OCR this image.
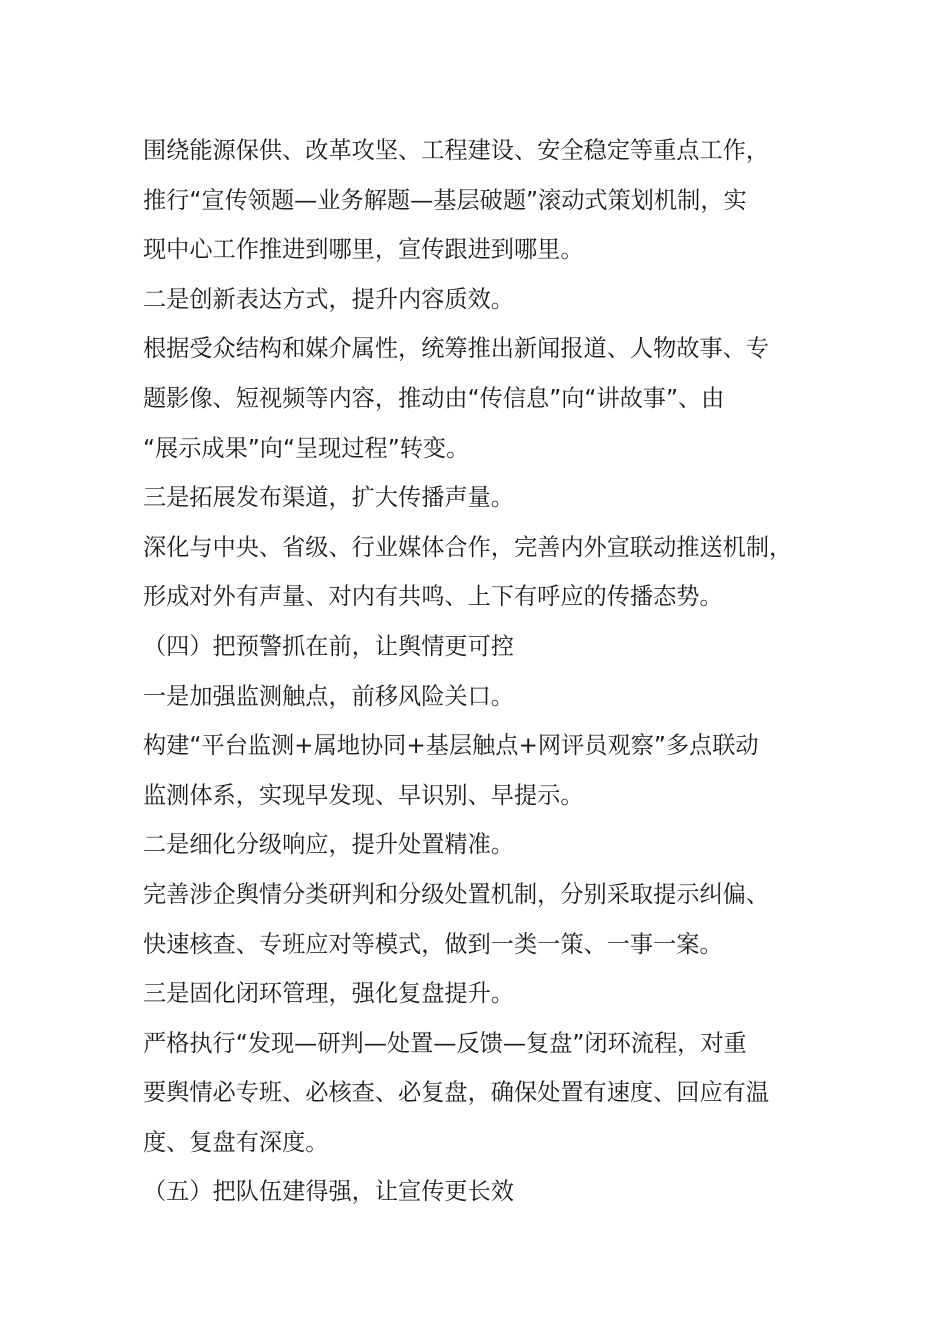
围绕能源保供、改革攻坚、工程建设、安全稳定等重点工作，
推行“宣传领题—业务解题—基层破题”滚动式策划机制，实
现中心工作推进到哪里，宣传跟进到哪里。
二是创新表达方式，提升内容质效。
根据受众结构和媒介属性，统筹推出新闻报道、人物故事、专
题影像、短视频等内容，推动由“传信息”向“讲故事”、由
“展示成果”向“呈现过程”转变。
三是拓展发布渠道，扩大传播声量。
深化与中央、省级、行业媒体合作，完善内外宣联动推送机制，
形成对外有声量、对内有共鸣、上下有呼应的传播态势。
（四）把预警抓在前，让舆情更可控
一是加强监测触点，前移风险关口。
构建“平台监测+属地协同+基层触点+网评员观察”多点联动
监测体系，实现早发现、早识别、早提示。
二是细化分级响应，提升处置精准。
完善涉企舆情分类研判和分级处置机制，分别采取提示纠偏、
快速核查、专班应对等模式，做到一类一策、一事一案。
三是固化闭环管理，强化复盘提升。
严格执行“发现—研判—处置—反馈—复盘”闭环流程，对重
要舆情必专班、必核查、必复盘，确保处置有速度、回应有温
度、复盘有深度。
（五）把队伍建得强，让宣传更长效
